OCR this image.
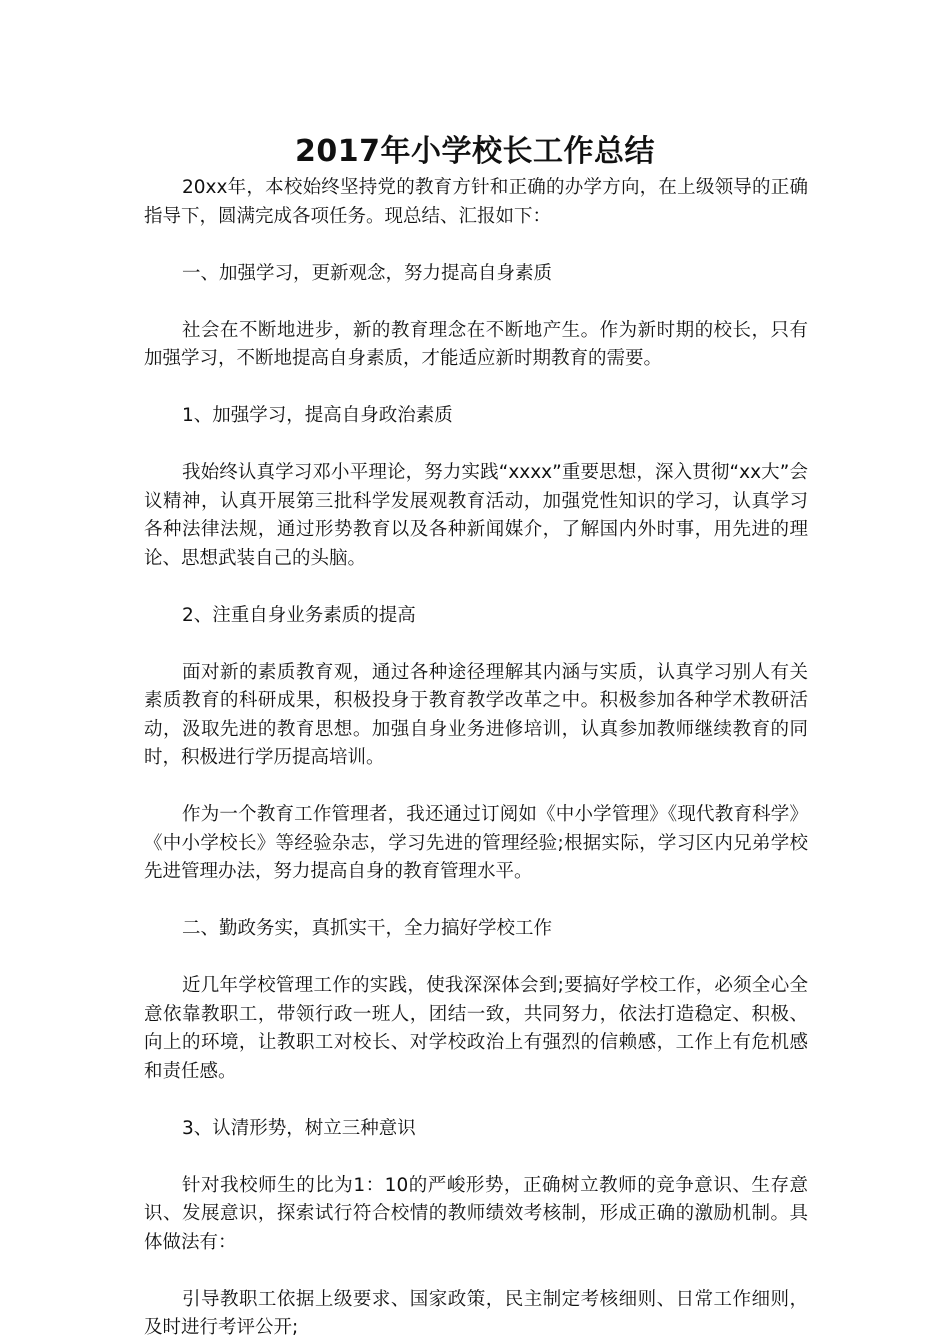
2017年小学校长工作总结

20xx年，本校始终坚持党的教育方针和正确的办学方向，在上级领导的正确指导下，圆满完成各项任务。现总结、汇报如下：

一、加强学习，更新观念，努力提高自身素质

社会在不断地进步，新的教育理念在不断地产生。作为新时期的校长，只有加强学习，不断地提高自身素质，才能适应新时期教育的需要。

1、加强学习，提高自身政治素质

我始终认真学习邓小平理论，努力实践“xxxx”重要思想，深入贯彻“xx大”会议精神，认真开展第三批科学发展观教育活动，加强党性知识的学习，认真学习各种法律法规，通过形势教育以及各种新闻媒介，了解国内外时事，用先进的理论、思想武装自己的头脑。

2、注重自身业务素质的提高

面对新的素质教育观，通过各种途径理解其内涵与实质，认真学习别人有关素质教育的科研成果，积极投身于教育教学改革之中。积极参加各种学术教研活动，汲取先进的教育思想。加强自身业务进修培训，认真参加教师继续教育的同时，积极进行学历提高培训。

作为一个教育工作管理者，我还通过订阅如《中小学管理》《现代教育科学》《中小学校长》等经验杂志，学习先进的管理经验;根据实际，学习区内兄弟学校先进管理办法，努力提高自身的教育管理水平。

二、勤政务实，真抓实干，全力搞好学校工作

近几年学校管理工作的实践，使我深深体会到;要搞好学校工作，必须全心全意依靠教职工，带领行政一班人，团结一致，共同努力，依法打造稳定、积极、向上的环境，让教职工对校长、对学校政治上有强烈的信赖感，工作上有危机感和责任感。

3、认清形势，树立三种意识

针对我校师生的比为1：10的严峻形势，正确树立教师的竞争意识、生存意识、发展意识，探索试行符合校情的教师绩效考核制，形成正确的激励机制。具体做法有：

引导教职工依据上级要求、国家政策，民主制定考核细则、日常工作细则，及时进行考评公开;
